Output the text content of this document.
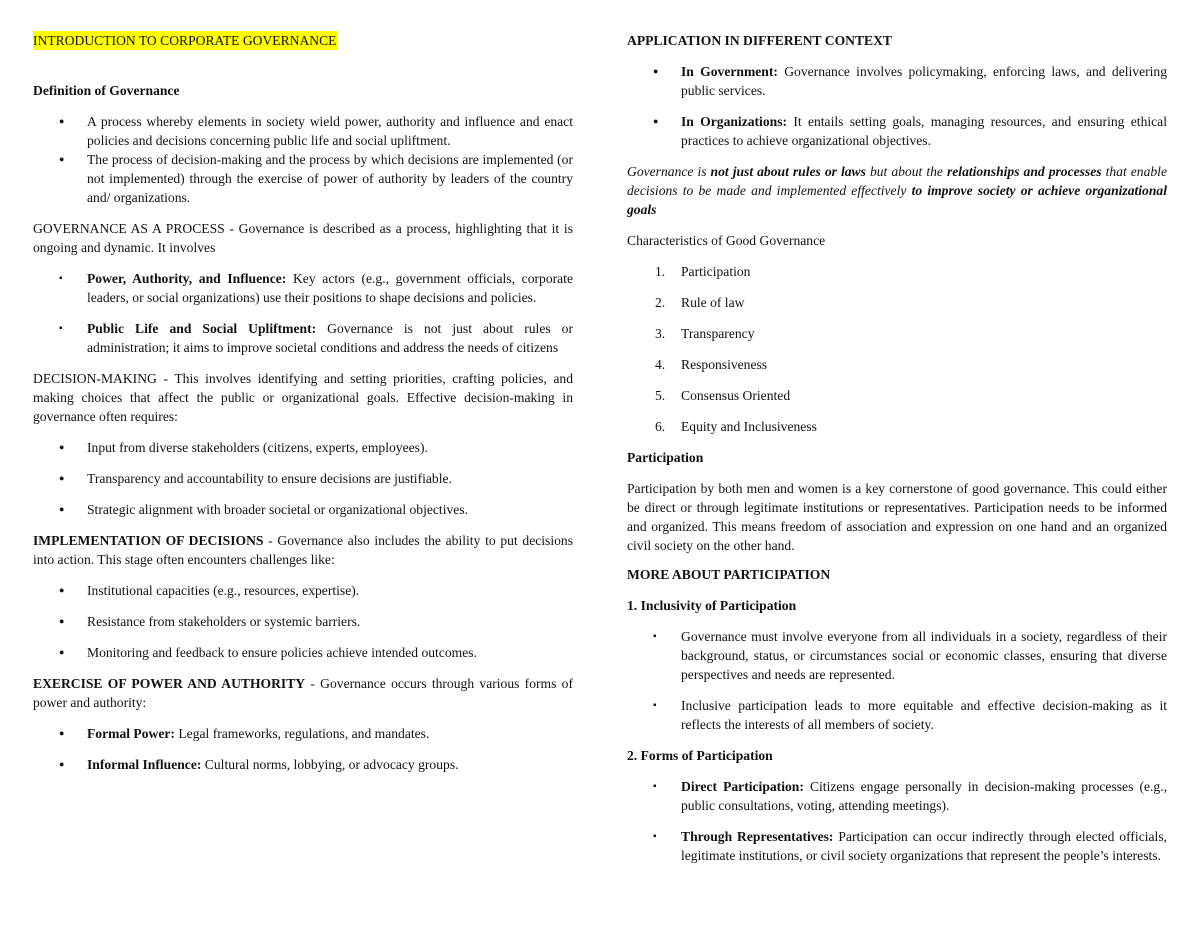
INTRODUCTION TO CORPORATE GOVERNANCE

Definition of Governance

● A process whereby elements in society wield power, authority and influence and enact policies and decisions concerning public life and social upliftment.
● The process of decision-making and the process by which decisions are implemented (or not implemented) through the exercise of power of authority by leaders of the country and/ organizations.

GOVERNANCE AS A PROCESS - Governance is described as a process, highlighting that it is ongoing and dynamic. It involves

▪ Power, Authority, and Influence: Key actors (e.g., government officials, corporate leaders, or social organizations) use their positions to shape decisions and policies.
▪ Public Life and Social Upliftment: Governance is not just about rules or administration; it aims to improve societal conditions and address the needs of citizens

DECISION-MAKING - This involves identifying and setting priorities, crafting policies, and making choices that affect the public or organizational goals. Effective decision-making in governance often requires:

● Input from diverse stakeholders (citizens, experts, employees).
● Transparency and accountability to ensure decisions are justifiable.
● Strategic alignment with broader societal or organizational objectives.

IMPLEMENTATION OF DECISIONS - Governance also includes the ability to put decisions into action. This stage often encounters challenges like:

● Institutional capacities (e.g., resources, expertise).
● Resistance from stakeholders or systemic barriers.
● Monitoring and feedback to ensure policies achieve intended outcomes.

EXERCISE OF POWER AND AUTHORITY - Governance occurs through various forms of power and authority:

● Formal Power: Legal frameworks, regulations, and mandates.
● Informal Influence: Cultural norms, lobbying, or advocacy groups.

APPLICATION IN DIFFERENT CONTEXT

● In Government: Governance involves policymaking, enforcing laws, and delivering public services.
● In Organizations: It entails setting goals, managing resources, and ensuring ethical practices to achieve organizational objectives.

Governance is not just about rules or laws but about the relationships and processes that enable decisions to be made and implemented effectively to improve society or achieve organizational goals

Characteristics of Good Governance

1. Participation
2. Rule of law
3. Transparency
4. Responsiveness
5. Consensus Oriented
6. Equity and Inclusiveness

Participation

Participation by both men and women is a key cornerstone of good governance. This could either be direct or through legitimate institutions or representatives. Participation needs to be informed and organized. This means freedom of association and expression on one hand and an organized civil society on the other hand.

MORE ABOUT PARTICIPATION

1. Inclusivity of Participation

▪ Governance must involve everyone from all individuals in a society, regardless of their background, status, or circumstances social or economic classes, ensuring that diverse perspectives and needs are represented.
▪ Inclusive participation leads to more equitable and effective decision-making as it reflects the interests of all members of society.

2. Forms of Participation

▪ Direct Participation: Citizens engage personally in decision-making processes (e.g., public consultations, voting, attending meetings).
▪ Through Representatives: Participation can occur indirectly through elected officials, legitimate institutions, or civil society organizations that represent the people’s interests.
